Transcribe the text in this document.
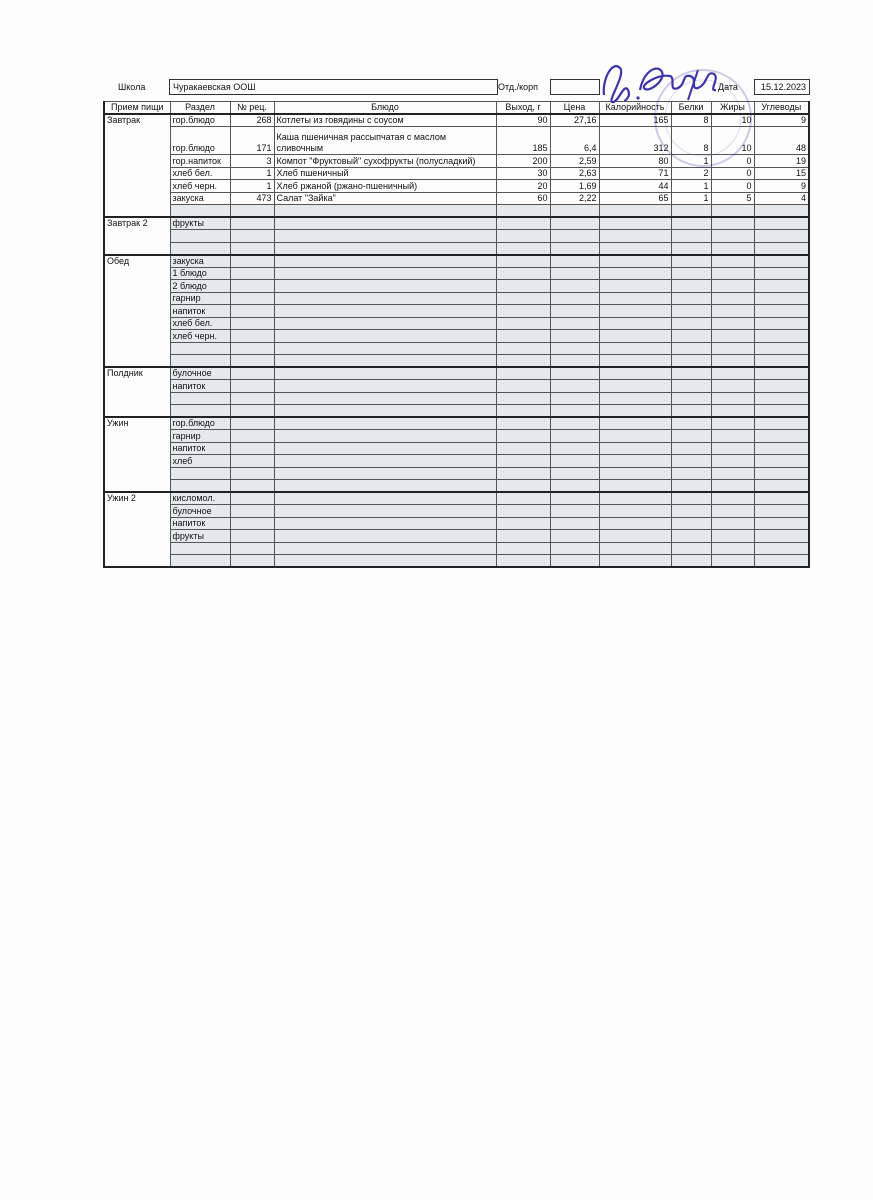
Школа	Чуракаевская ООШ	Отд./корп	Дата	15.12.2023
Прием пищи	Раздел	№ рец.	Блюдо	Выход, г	Цена	Калорийность	Белки	Жиры	Углеводы
Завтрак	гор.блюдо	268	Котлеты из говядины с соусом	90	27,16	165	8	10	9
	гор.блюдо	171	Каша пшеничная рассыпчатая с маслом сливочным	185	6,4	312	8	10	48
	гор.напиток	3	Компот "Фруктовый" сухофрукты (полусладкий)	200	2,59	80	1	0	19
	хлеб бел.	1	Хлеб пшеничный	30	2,63	71	2	0	15
	хлеб черн.	1	Хлеб ржаной (ржано-пшеничный)	20	1,69	44	1	0	9
	закуска	473	Салат "Зайка"	60	2,22	65	1	5	4

Завтрак 2	фрукты								

Обед	закуска								
	1 блюдо								
	2 блюдо								
	гарнир								
	напиток								
	хлеб бел.								
	хлеб черн.								

Полдник	булочное								
	напиток								

Ужин	гор.блюдо								
	гарнир								
	напиток								
	хлеб								

Ужин 2	кисломол.								
	булочное								
	напиток								
	фрукты								
